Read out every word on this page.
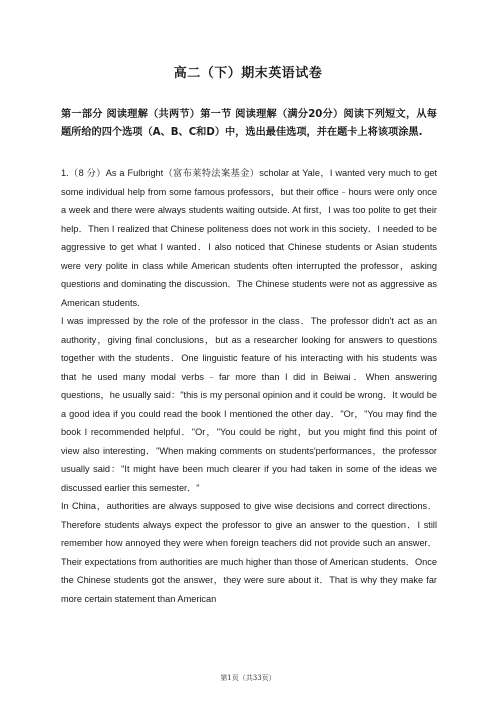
高二（下）期末英语试卷
第一部分 阅读理解（共两节）第一节 阅读理解（满分20分）阅读下列短文，从每题所给的四个选项（A、B、C和D）中，选出最佳选项，并在题卡上将该项涂黑.

1.（8 分）As a Fulbright（富布莱特法案基金）scholar at Yale，I wanted very much to get some individual help from some famous professors，but their office﹣hours were only once a week and there were always students waiting outside. At first，I was too polite to get their help．Then I realized that Chinese politeness does not work in this society．I needed to be aggressive to get what I wanted．I also noticed that Chinese students or Asian students were very polite in class while American students often interrupted the professor，asking questions and dominating the discussion．The Chinese students were not as aggressive as American students.

I was impressed by the role of the professor in the class．The professor didn't act as an authority，giving final conclusions，but as a researcher looking for answers to questions together with the students．One linguistic feature of his interacting with his students was that he used many modal verbs﹣far more than I did in Beiwai．When answering questions，he usually said："this is my personal opinion and it could be wrong．It would be a good idea if you could read the book I mentioned the other day．"Or，"You may find the book I recommended helpful．"Or，"You could be right，but you might find this point of view also interesting．"When making comments on students'performances，the professor usually said："It might have been much clearer if you had taken in some of the ideas we discussed earlier this semester．"

In China，authorities are always supposed to give wise decisions and correct directions．Therefore students always expect the professor to give an answer to the question．I still remember how annoyed they were when foreign teachers did not provide such an answer．Their expectations from authorities are much higher than those of American students．Once the Chinese students got the answer，they were sure about it．That is why they make far more certain statement than American

第1页（共33页）
